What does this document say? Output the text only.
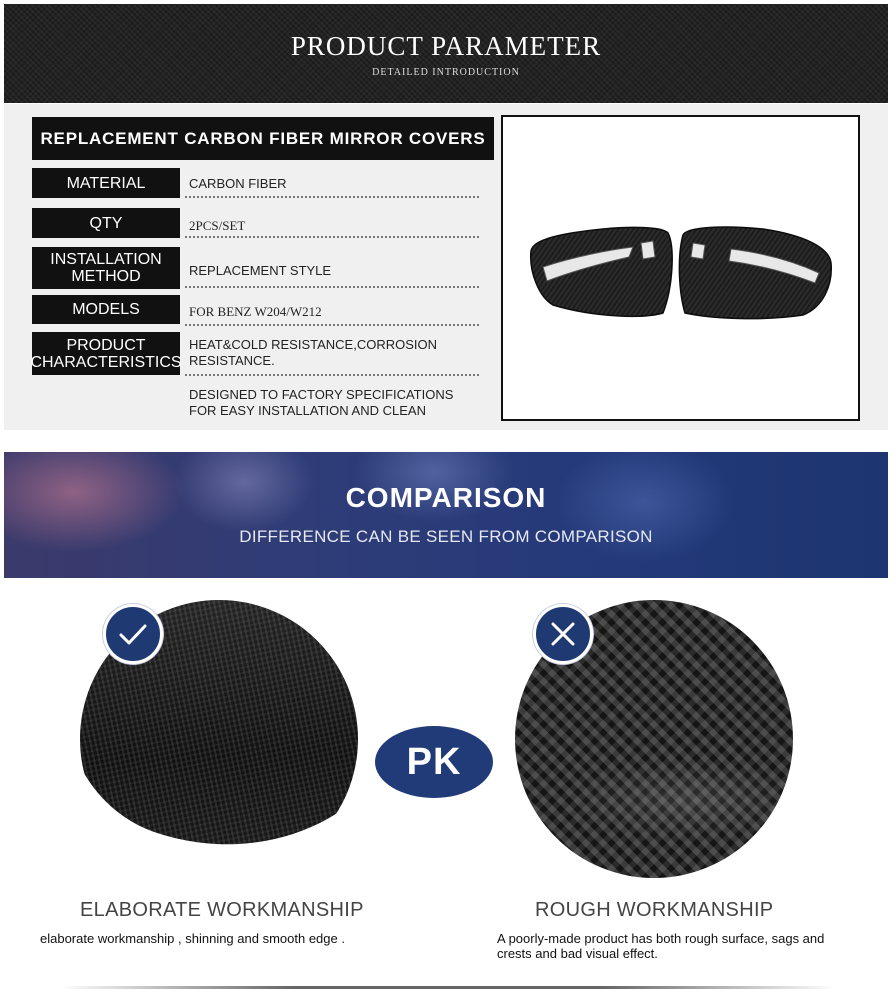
PRODUCT PARAMETER
DETAILED INTRODUCTION
REPLACEMENT CARBON FIBER MIRROR COVERS
MATERIAL	CARBON FIBER
QTY	2PCS/SET
INSTALLATION METHOD	REPLACEMENT STYLE
MODELS	FOR BENZ W204/W212
PRODUCT CHARACTERISTICS
HEAT&COLD RESISTANCE,CORROSION RESISTANCE.
DESIGNED TO FACTORY SPECIFICATIONS FOR EASY INSTALLATION AND CLEAN
COMPARISON
DIFFERENCE CAN BE SEEN FROM COMPARISON
PK
ELABORATE WORKMANSHIP
elaborate workmanship , shinning and smooth edge .
ROUGH WORKMANSHIP
A poorly-made product has both rough surface, sags and crests and bad visual effect.
